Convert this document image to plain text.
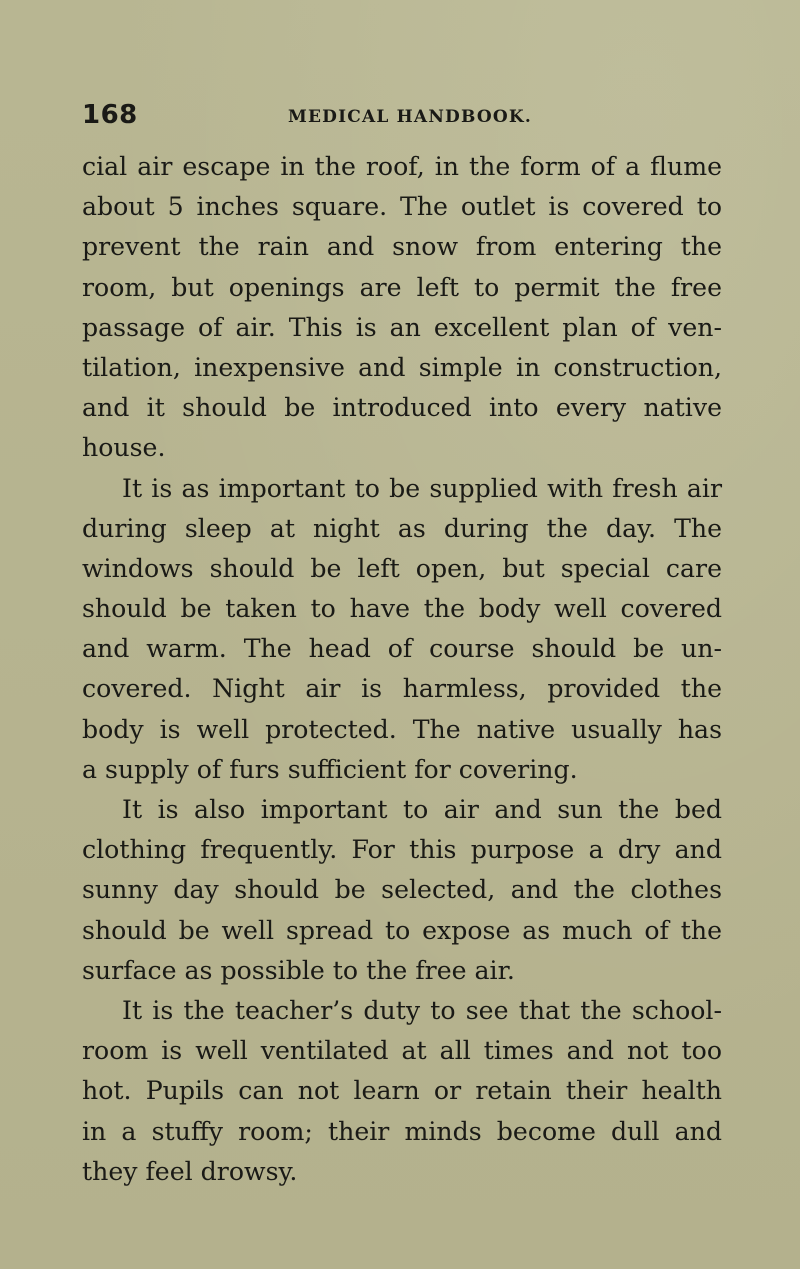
168	MEDICAL HANDBOOK.
cial air escape in the roof, in the form of a flume
about 5 inches square. The outlet is covered to
prevent the rain and snow from entering the
room, but openings are left to permit the free
passage of air. This is an excellent plan of ven-
tilation, inexpensive and simple in construction,
and it should be introduced into every native
house.
It is as important to be supplied with fresh air
during sleep at night as during the day. The
windows should be left open, but special care
should be taken to have the body well covered
and warm. The head of course should be un-
covered. Night air is harmless, provided the
body is well protected. The native usually has
a supply of furs sufficient for covering.
It is also important to air and sun the bed
clothing frequently. For this purpose a dry and
sunny day should be selected, and the clothes
should be well spread to expose as much of the
surface as possible to the free air.
It is the teacher’s duty to see that the school-
room is well ventilated at all times and not too
hot. Pupils can not learn or retain their health
in a stuffy room; their minds become dull and
they feel drowsy.
